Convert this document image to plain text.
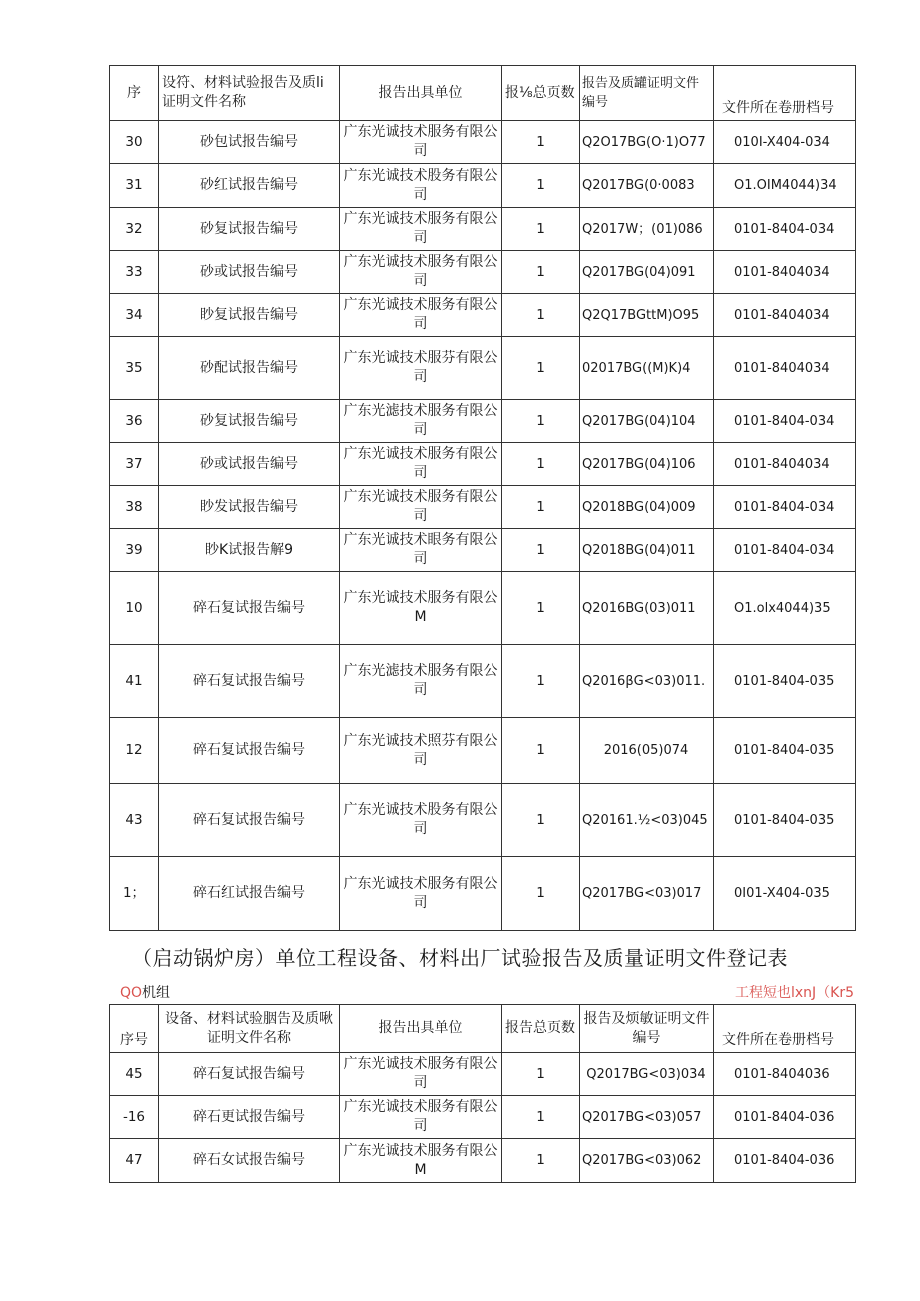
序	设符、材料试验报告及质li证明文件名称	报告出具单位	报⅛总页数	报告及质罐证明文件编号	文件所在卷册档号
30	砂包试报告编号	广东光诚技术服务有限公司	1	Q2O17BG(O·1)O77	010I-X404-034
31	砂红试报告编号	广东光诚技术股务有限公司	1	Q2017BG(0·0083	O1.OIM4044)34
32	砂复试报告编号	广东光诚技术服务有限公司	1	Q2017W；(01)086	0101-8404-034
33	砂或试报告编号	广东光诚技术服务有限公司	1	Q2017BG(04)091	0101-8404034
34	眇复试报告编号	广东光诚技术服务有限公司	1	Q2Q17BGttM)O95	0101-8404034
35	砂配试报告编号	广东光诚技术服芬有限公司	1	02017BG((M)K)4	0101-8404034
36	砂复试报告编号	广东光滤技术服务有限公司	1	Q2017BG(04)104	0101-8404-034
37	砂或试报告编号	广东光诚技术服务有限公司	1	Q2017BG(04)106	0101-8404034
38	眇发试报告编号	广东光诚技术服务有限公司	1	Q2018BG(04)009	0101-8404-034
39	眇K试报告解9	广东光诚技术眼务有限公司	1	Q2018BG(04)011	0101-8404-034
10	碎石复试报告编号	广东光诚技术服务有限公M	1	Q2016BG(03)011	O1.olx4044)35
41	碎石复试报告编号	广东光滤技术服务有限公司	1	Q2016βG<03)011.	0101-8404-035
12	碎石复试报告编号	广东光诚技术照芬有限公司	1	2016(05)074	0101-8404-035
43	碎石复试报告编号	广东光诚技术股务有限公司	1	Q20161.½<03)045	0101-8404-035
1；	碎石红试报告编号	广东光诚技术服务有限公司	1	Q2017BG<03)017	0I01-X404-035
（启动锅炉房）单位工程设备、材料出厂试验报告及质量证明文件登记表
QO机组	工程短也lxnJ（Kr5
序号	设备、材料试验胭告及质啾证明文件名称	报告出具单位	报告总页数	报告及烦敏证明文件编号	文件所在卷册档号
45	碎石复试报告编号	广东光诚技术服务有限公司	1	Q2017BG<03)034	0101-8404036
-16	碎石更试报告编号	广东光诚技术服务有限公司	1	Q2017BG<03)057	0101-8404-036
47	碎石女试报告编号	广东光诚技术服务有限公M	1	Q2017BG<03)062	0101-8404-036
